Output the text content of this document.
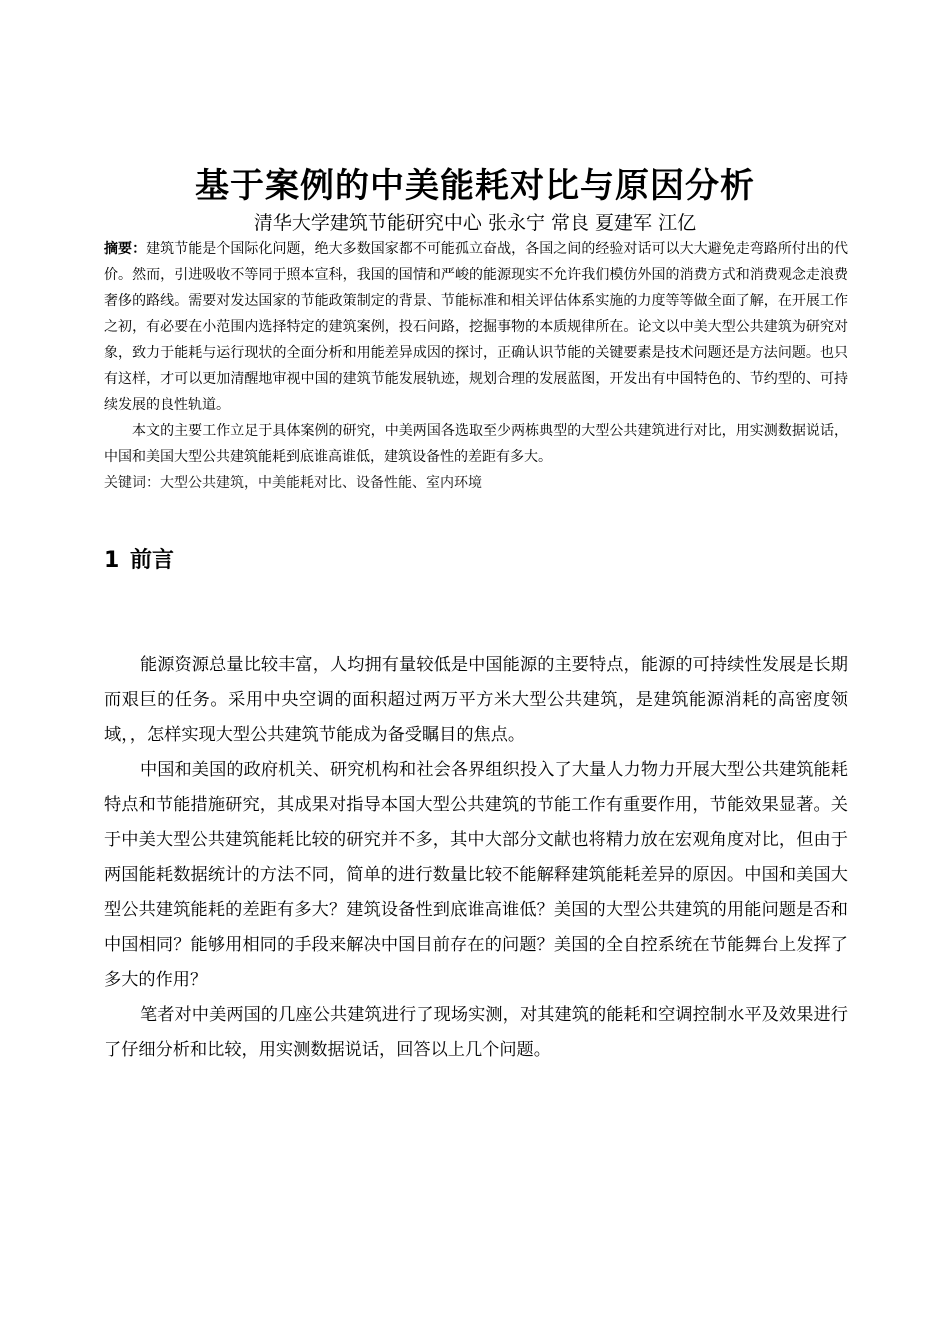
基于案例的中美能耗对比与原因分析
清华大学建筑节能研究中心 张永宁 常良 夏建军 江亿

摘要：建筑节能是个国际化问题，绝大多数国家都不可能孤立奋战，各国之间的经验对话可以大大避免走弯路所付出的代价。然而，引进吸收不等同于照本宣科，我国的国情和严峻的能源现实不允许我们模仿外国的消费方式和消费观念走浪费奢侈的路线。需要对发达国家的节能政策制定的背景、节能标准和相关评估体系实施的力度等等做全面了解，在开展工作之初，有必要在小范围内选择特定的建筑案例，投石问路，挖掘事物的本质规律所在。论文以中美大型公共建筑为研究对象，致力于能耗与运行现状的全面分析和用能差异成因的探讨，正确认识节能的关键要素是技术问题还是方法问题。也只有这样，才可以更加清醒地审视中国的建筑节能发展轨迹，规划合理的发展蓝图，开发出有中国特色的、节约型的、可持续发展的良性轨道。

本文的主要工作立足于具体案例的研究，中美两国各选取至少两栋典型的大型公共建筑进行对比，用实测数据说话，中国和美国大型公共建筑能耗到底谁高谁低，建筑设备性的差距有多大。

关键词：大型公共建筑，中美能耗对比、设备性能、室内环境

1 前言

能源资源总量比较丰富，人均拥有量较低是中国能源的主要特点，能源的可持续性发展是长期而艰巨的任务。采用中央空调的面积超过两万平方米大型公共建筑，是建筑能源消耗的高密度领域，，怎样实现大型公共建筑节能成为备受瞩目的焦点。

中国和美国的政府机关、研究机构和社会各界组织投入了大量人力物力开展大型公共建筑能耗特点和节能措施研究，其成果对指导本国大型公共建筑的节能工作有重要作用，节能效果显著。关于中美大型公共建筑能耗比较的研究并不多，其中大部分文献也将精力放在宏观角度对比，但由于两国能耗数据统计的方法不同，简单的进行数量比较不能解释建筑能耗差异的原因。中国和美国大型公共建筑能耗的差距有多大？建筑设备性到底谁高谁低？美国的大型公共建筑的用能问题是否和中国相同？能够用相同的手段来解决中国目前存在的问题？美国的全自控系统在节能舞台上发挥了多大的作用？

笔者对中美两国的几座公共建筑进行了现场实测，对其建筑的能耗和空调控制水平及效果进行了仔细分析和比较，用实测数据说话，回答以上几个问题。
